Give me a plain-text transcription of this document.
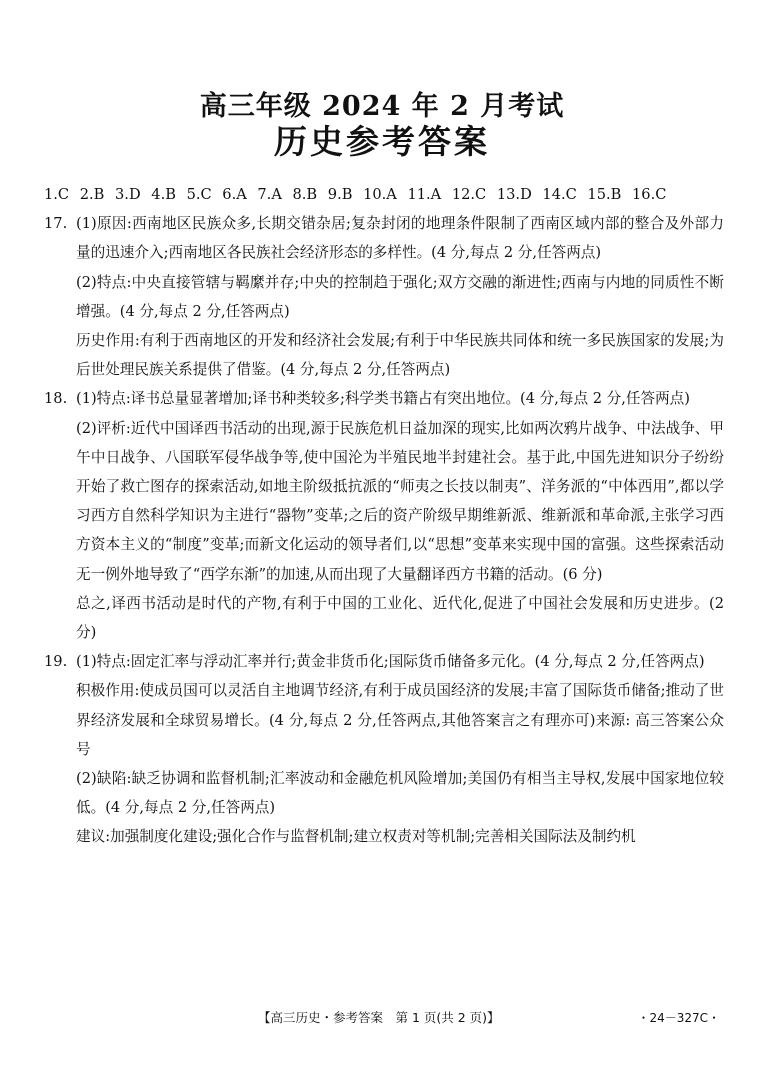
高三年级 2024 年 2 月考试
历史参考答案
1.C 2.B 3.D 4.B 5.C 6.A 7.A 8.B 9.B 10.A 11.A 12.C 13.D 14.C 15.B 16.C
17. (1)原因:西南地区民族众多,长期交错杂居;复杂封闭的地理条件限制了西南区域内部的整合及外部力量的迅速介入;西南地区各民族社会经济形态的多样性。(4 分,每点 2 分,任答两点)
(2)特点:中央直接管辖与羁縻并存;中央的控制趋于强化;双方交融的渐进性;西南与内地的同质性不断增强。(4 分,每点 2 分,任答两点)
历史作用:有利于西南地区的开发和经济社会发展;有利于中华民族共同体和统一多民族国家的发展;为后世处理民族关系提供了借鉴。(4 分,每点 2 分,任答两点)
18. (1)特点:译书总量显著增加;译书种类较多;科学类书籍占有突出地位。(4 分,每点 2 分,任答两点)
(2)评析:近代中国译西书活动的出现,源于民族危机日益加深的现实,比如两次鸦片战争、中法战争、甲午中日战争、八国联军侵华战争等,使中国沦为半殖民地半封建社会。基于此,中国先进知识分子纷纷开始了救亡图存的探索活动,如地主阶级抵抗派的“师夷之长技以制夷”、洋务派的“中体西用”,都以学习西方自然科学知识为主进行“器物”变革;之后的资产阶级早期维新派、维新派和革命派,主张学习西方资本主义的“制度”变革;而新文化运动的领导者们,以“思想”变革来实现中国的富强。这些探索活动无一例外地导致了“西学东渐”的加速,从而出现了大量翻译西方书籍的活动。(6 分)
总之,译西书活动是时代的产物,有利于中国的工业化、近代化,促进了中国社会发展和历史进步。(2 分)
19. (1)特点:固定汇率与浮动汇率并行;黄金非货币化;国际货币储备多元化。(4 分,每点 2 分,任答两点)
积极作用:使成员国可以灵活自主地调节经济,有利于成员国经济的发展;丰富了国际货币储备;推动了世界经济发展和全球贸易增长。(4 分,每点 2 分,任答两点,其他答案言之有理亦可)来源: 高三答案公众号
(2)缺陷:缺乏协调和监督机制;汇率波动和金融危机风险增加;美国仍有相当主导权,发展中国家地位较低。(4 分,每点 2 分,任答两点)
建议:加强制度化建设;强化合作与监督机制;建立权责对等机制;完善相关国际法及制约机
【高三历史・参考答案　第 1 页(共 2 页)】	・24－327C・
